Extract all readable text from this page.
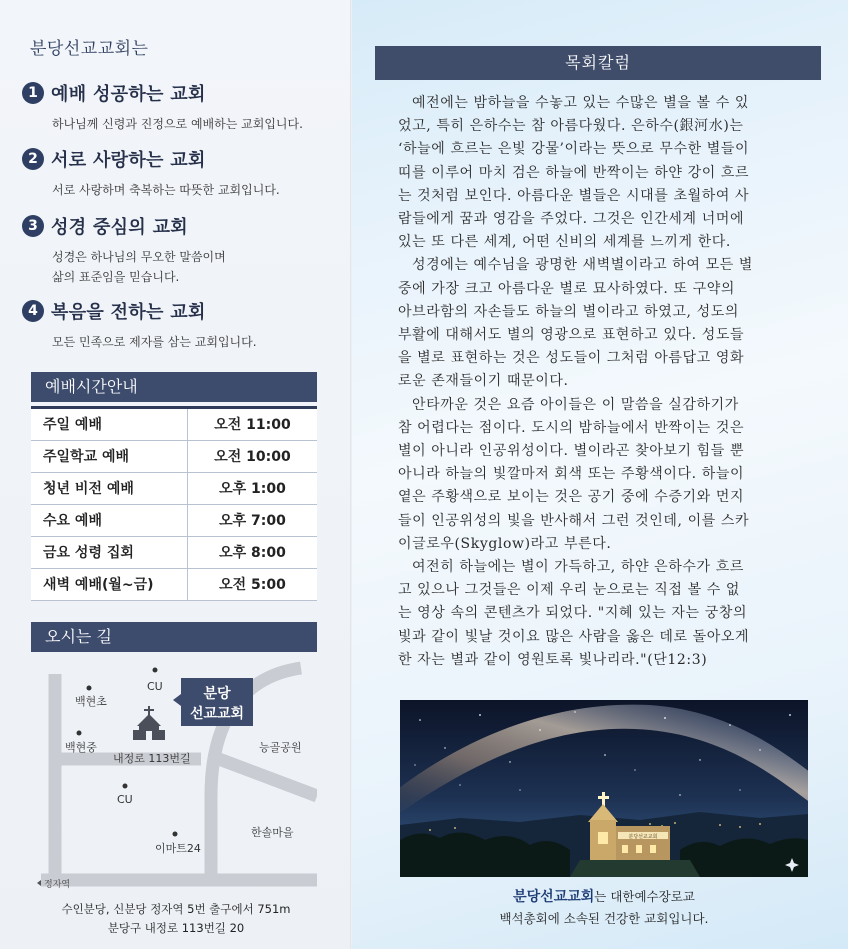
분당선교교회는
1 예배 성공하는 교회
하나님께 신령과 진정으로 예배하는 교회입니다.
2 서로 사랑하는 교회
서로 사랑하며 축복하는 따뜻한 교회입니다.
3 성경 중심의 교회
성경은 하나님의 무오한 말씀이며
삶의 표준임을 믿습니다.
4 복음을 전하는 교회
모든 민족으로 제자를 삼는 교회입니다.
예배시간안내
주일 예배	오전 11:00
주일학교 예배	오전 10:00
청년 비전 예배	오후 1:00
수요 예배	오후 7:00
금요 성령 집회	오후 8:00
새벽 예배(월~금)	오전 5:00
오시는 길
CU
백현초
백현중
CU
이마트24
능골공원
한솔마을
내정로 113번길
분당
선교교회
정자역
수인분당, 신분당 정자역 5번 출구에서 751m
분당구 내정로 113번길 20
목회칼럼
예전에는 밤하늘을 수놓고 있는 수많은 별을 볼 수 있
었고, 특히 은하수는 참 아름다웠다. 은하수(銀河水)는
‘하늘에 흐르는 은빛 강물’이라는 뜻으로 무수한 별들이
띠를 이루어 마치 검은 하늘에 반짝이는 하얀 강이 흐르
는 것처럼 보인다. 아름다운 별들은 시대를 초월하여 사
람들에게 꿈과 영감을 주었다. 그것은 인간세계 너머에
있는 또 다른 세계, 어떤 신비의 세계를 느끼게 한다.
성경에는 예수님을 광명한 새벽별이라고 하여 모든 별
중에 가장 크고 아름다운 별로 묘사하였다. 또 구약의
아브라함의 자손들도 하늘의 별이라고 하였고, 성도의
부활에 대해서도 별의 영광으로 표현하고 있다. 성도들
을 별로 표현하는 것은 성도들이 그처럼 아름답고 영화
로운 존재들이기 때문이다.
안타까운 것은 요즘 아이들은 이 말씀을 실감하기가
참 어렵다는 점이다. 도시의 밤하늘에서 반짝이는 것은
별이 아니라 인공위성이다. 별이라곤 찾아보기 힘들 뿐
아니라 하늘의 빛깔마저 회색 또는 주황색이다. 하늘이
옅은 주황색으로 보이는 것은 공기 중에 수증기와 먼지
들이 인공위성의 빛을 반사해서 그런 것인데, 이를 스카
이글로우(Skyglow)라고 부른다.
여전히 하늘에는 별이 가득하고, 하얀 은하수가 흐르
고 있으나 그것들은 이제 우리 눈으로는 직접 볼 수 없
는 영상 속의 콘텐츠가 되었다. "지혜 있는 자는 궁창의
빛과 같이 빛날 것이요 많은 사람을 옳은 데로 돌아오게
한 자는 별과 같이 영원토록 빛나리라."(단12:3)
분당선교교회
분당선교교회는 대한예수장로교
백석총회에 소속된 건강한 교회입니다.
